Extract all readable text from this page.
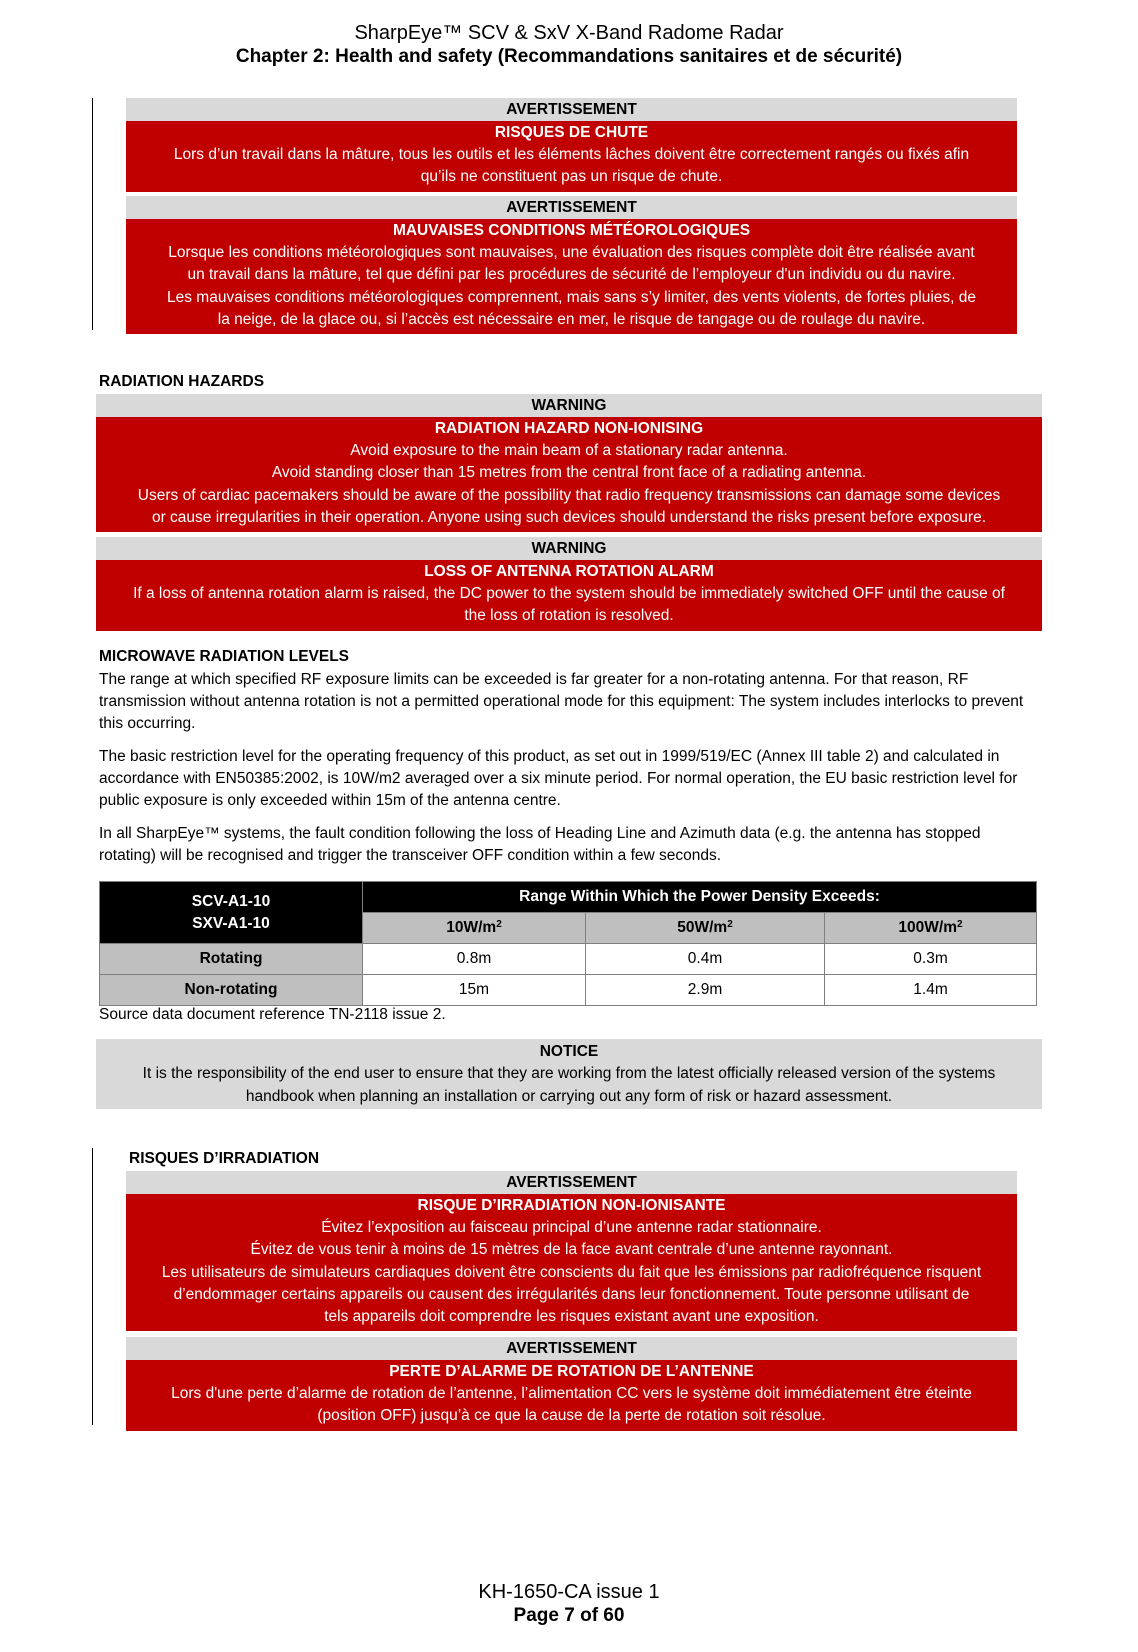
SharpEye™ SCV & SxV X-Band Radome Radar
Chapter 2: Health and safety (Recommandations sanitaires et de sécurité)
AVERTISSEMENT
RISQUES DE CHUTE
Lors d’un travail dans la mâture, tous les outils et les éléments lâches doivent être correctement rangés ou fixés afin
qu’ils ne constituent pas un risque de chute.
AVERTISSEMENT
MAUVAISES CONDITIONS MÉTÉOROLOGIQUES
Lorsque les conditions météorologiques sont mauvaises, une évaluation des risques complète doit être réalisée avant
un travail dans la mâture, tel que défini par les procédures de sécurité de l’employeur d'un individu ou du navire.
Les mauvaises conditions météorologiques comprennent, mais sans s’y limiter, des vents violents, de fortes pluies, de
la neige, de la glace ou, si l’accès est nécessaire en mer, le risque de tangage ou de roulage du navire.
RADIATION HAZARDS
WARNING
RADIATION HAZARD NON-IONISING
Avoid exposure to the main beam of a stationary radar antenna.
Avoid standing closer than 15 metres from the central front face of a radiating antenna.
Users of cardiac pacemakers should be aware of the possibility that radio frequency transmissions can damage some devices
or cause irregularities in their operation. Anyone using such devices should understand the risks present before exposure.
WARNING
LOSS OF ANTENNA ROTATION ALARM
If a loss of antenna rotation alarm is raised, the DC power to the system should be immediately switched OFF until the cause of
the loss of rotation is resolved.
MICROWAVE RADIATION LEVELS
The range at which specified RF exposure limits can be exceeded is far greater for a non-rotating antenna. For that reason, RF transmission without antenna rotation is not a permitted operational mode for this equipment: The system includes interlocks to prevent this occurring.
The basic restriction level for the operating frequency of this product, as set out in 1999/519/EC (Annex III table 2) and calculated in accordance with EN50385:2002, is 10W/m2 averaged over a six minute period. For normal operation, the EU basic restriction level for public exposure is only exceeded within 15m of the antenna centre.
In all SharpEye™ systems, the fault condition following the loss of Heading Line and Azimuth data (e.g. the antenna has stopped rotating) will be recognised and trigger the transceiver OFF condition within a few seconds.
SCV-A1-10
SXV-A1-10	Range Within Which the Power Density Exceeds:		
	$10W/m^2$	$50W/m^2$	$100W/m^2$
Rotating	0.8m	0.4m	0.3m
Non-rotating	15m	2.9m	1.4m
Source data document reference TN-2118 issue 2.
NOTICE
It is the responsibility of the end user to ensure that they are working from the latest officially released version of the systems
handbook when planning an installation or carrying out any form of risk or hazard assessment.
RISQUES D’IRRADIATION
AVERTISSEMENT
RISQUE D’IRRADIATION NON-IONISANTE
Évitez l’exposition au faisceau principal d’une antenne radar stationnaire.
Évitez de vous tenir à moins de 15 mètres de la face avant centrale d’une antenne rayonnant.
Les utilisateurs de simulateurs cardiaques doivent être conscients du fait que les émissions par radiofréquence risquent
d’endommager certains appareils ou causent des irrégularités dans leur fonctionnement. Toute personne utilisant de
tels appareils doit comprendre les risques existant avant une exposition.
AVERTISSEMENT
PERTE D’ALARME DE ROTATION DE L’ANTENNE
Lors d'une perte d’alarme de rotation de l’antenne, l’alimentation CC vers le système doit immédiatement être éteinte
(position OFF) jusqu’à ce que la cause de la perte de rotation soit résolue.
KH-1650-CA issue 1
Page 7 of 60
